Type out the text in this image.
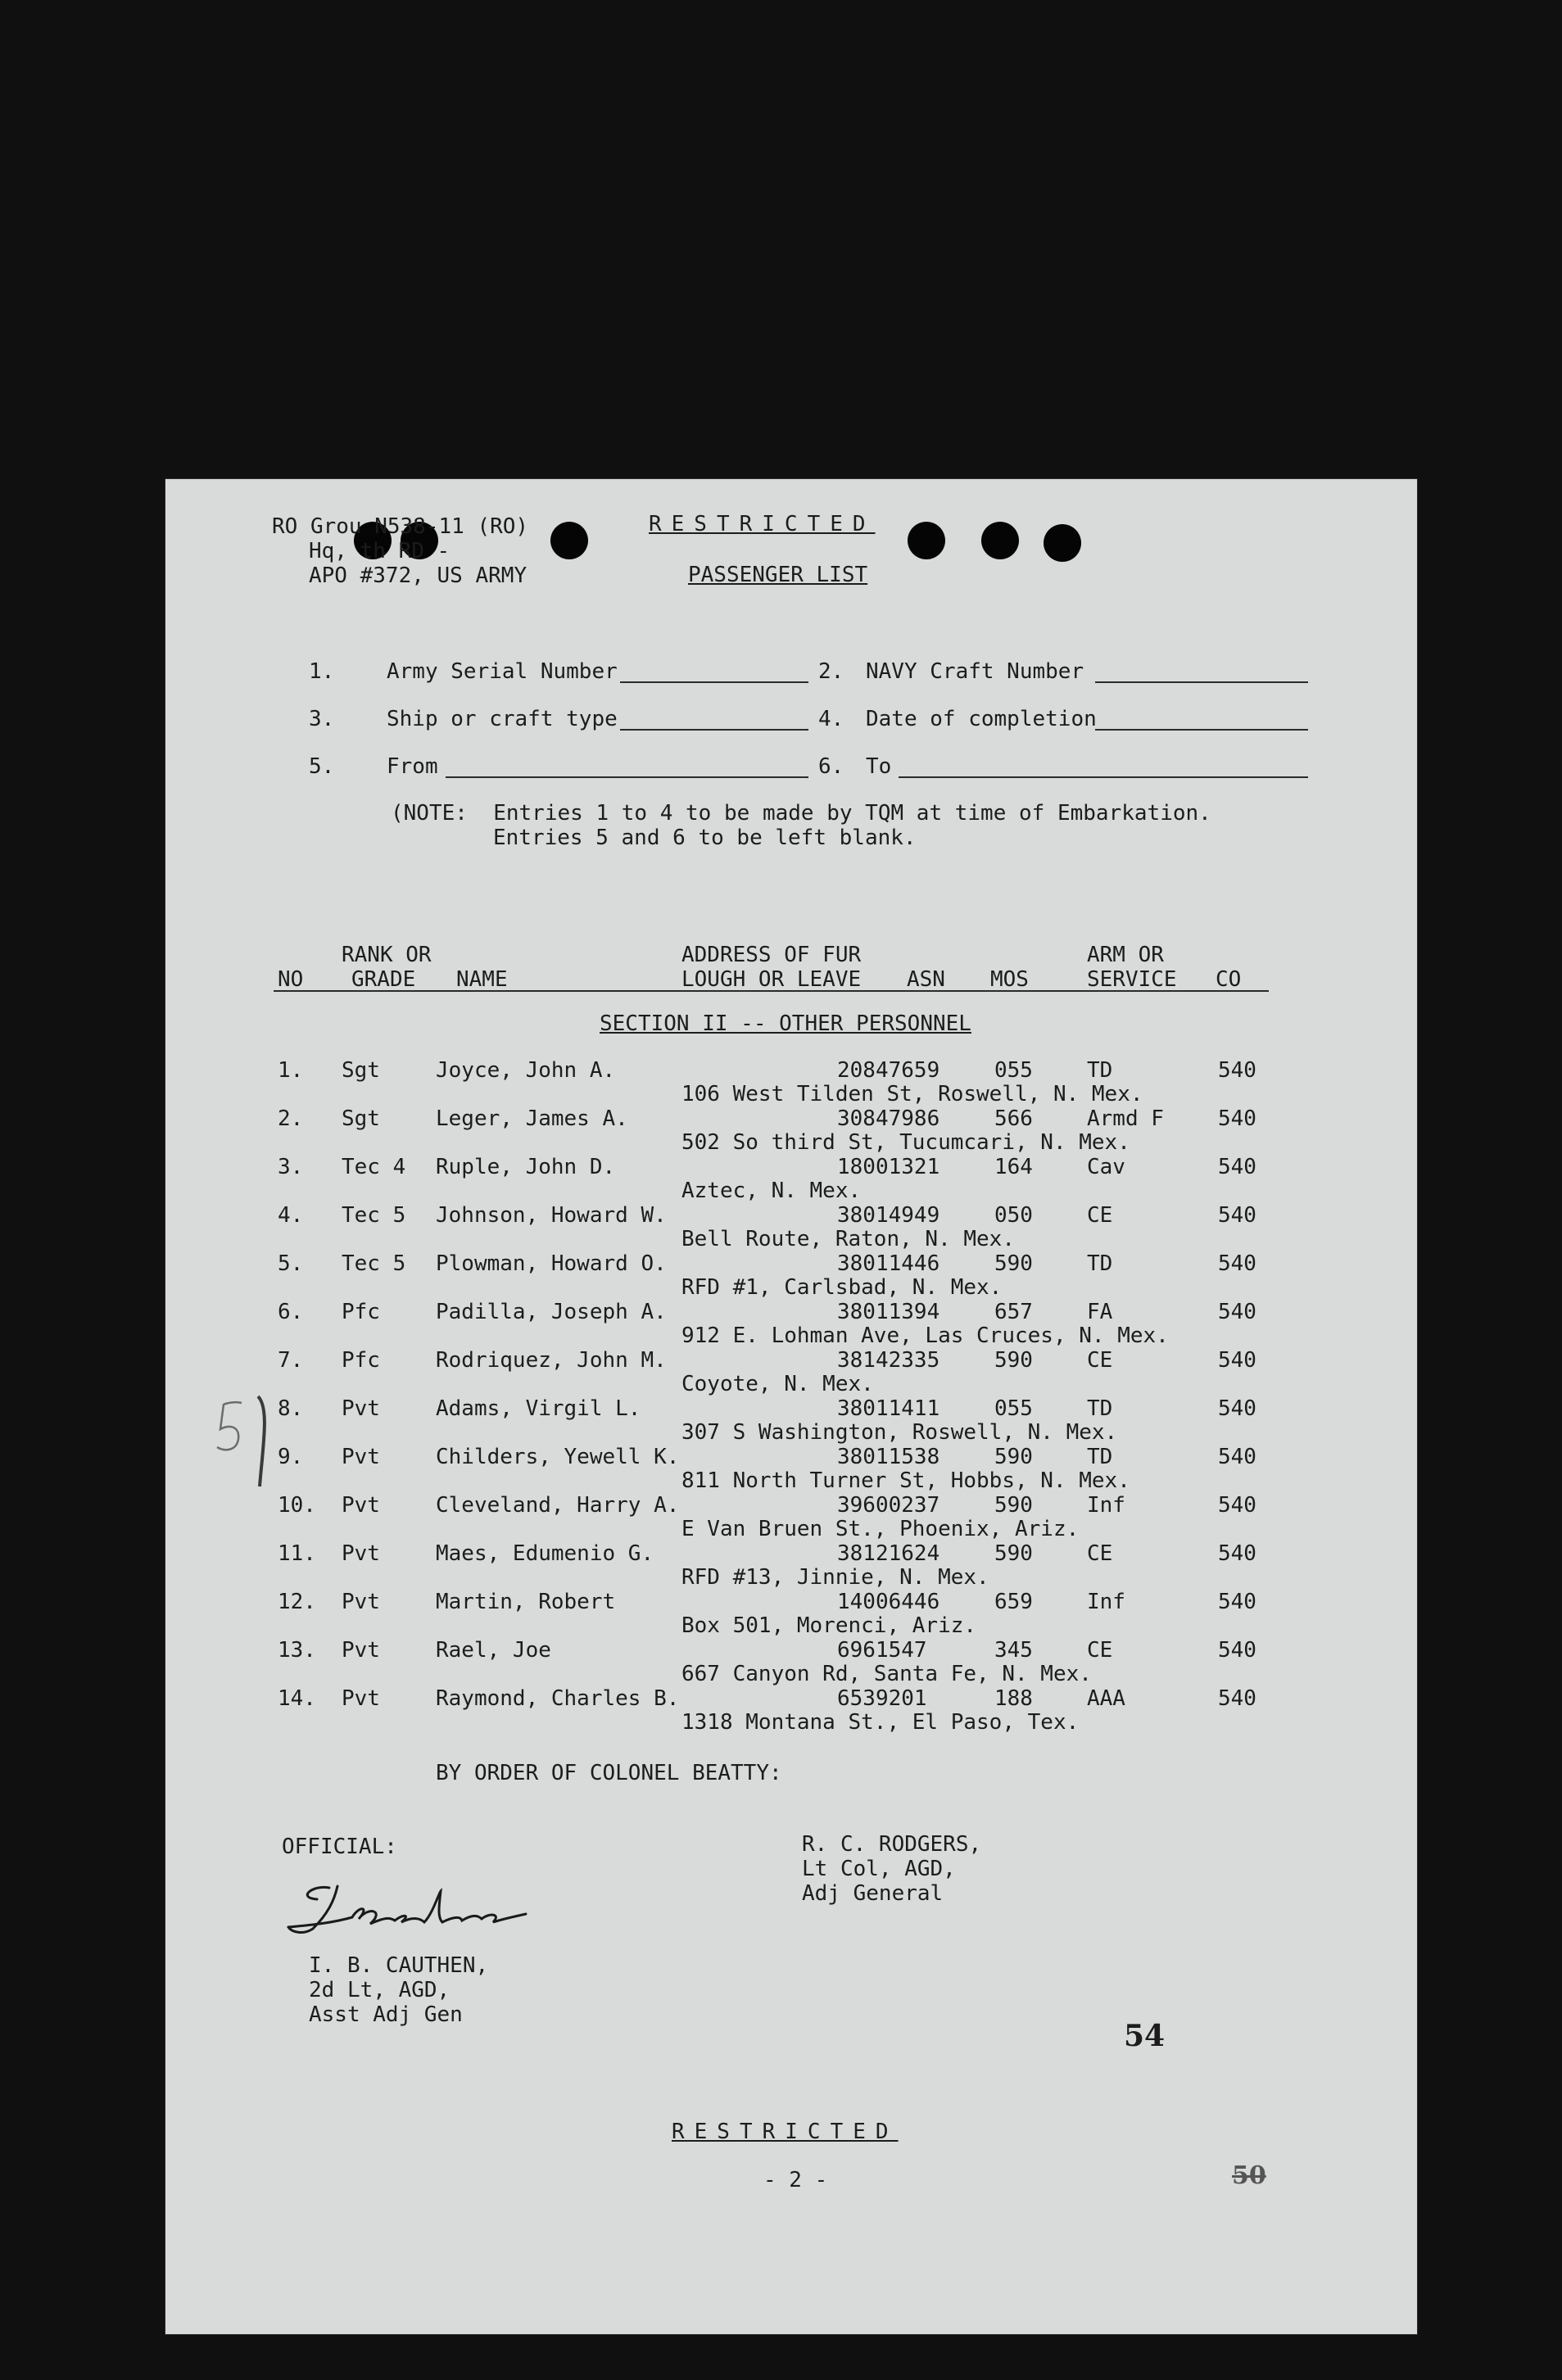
RO Grou N538-11 (RO)
Hq, th RD -
APO #372, US ARMY
RESTRICTED
PASSENGER LIST
1. Army Serial Number	2. NAVY Craft Number
3. Ship or craft type	4. Date of completion
5. From	6. To
(NOTE:  Entries 1 to 4 to be made by TQM at time of Embarkation.
Entries 5 and 6 to be left blank.
RANK OR	ADDRESS OF FUR	ARM OR
NO GRADE NAME	LOUGH OR LEAVE ASN MOS	SERVICE CO
SECTION II -- OTHER PERSONNEL
1. Sgt	Joyce, John A.	20847659	055	TD	540
106 West Tilden St, Roswell, N. Mex.
2. Sgt	Leger, James A.	30847986	566	Armd F	540
502 So third St, Tucumcari, N. Mex.
3. Tec 4 Ruple, John D.	18001321	164	Cav	540
Aztec, N. Mex.
4. Tec 5 Johnson, Howard W.	38014949	050	CE	540
Bell Route, Raton, N. Mex.
5. Tec 5 Plowman, Howard O.	38011446	590	TD	540
RFD #1, Carlsbad, N. Mex.
6. Pfc	Padilla, Joseph A.	38011394	657	FA	540
912 E. Lohman Ave, Las Cruces, N. Mex.
7. Pfc	Rodriquez, John M.	38142335	590	CE	540
Coyote, N. Mex.
8. Pvt	Adams, Virgil L.	38011411	055	TD	540
307 S Washington, Roswell, N. Mex.
9. Pvt	Childers, Yewell K.	38011538	590	TD	540
811 North Turner St, Hobbs, N. Mex.
10. Pvt	Cleveland, Harry A.	39600237	590	Inf	540
E Van Bruen St., Phoenix, Ariz.
11. Pvt	Maes, Edumenio G.	38121624	590	CE	540
RFD #13, Jinnie, N. Mex.
12. Pvt	Martin, Robert	14006446	659	Inf	540
Box 501, Morenci, Ariz.
13. Pvt	Rael, Joe	6961547	345	CE	540
667 Canyon Rd, Santa Fe, N. Mex.
14. Pvt	Raymond, Charles B.	6539201	188	AAA	540
1318 Montana St., El Paso, Tex.
BY ORDER OF COLONEL BEATTY:
OFFICIAL:	R. C. RODGERS,
Lt Col, AGD,
Adj General
I. B. CAUTHEN,
2d Lt, AGD,
Asst Adj Gen
54
RESTRICTED
- 2 -	50
